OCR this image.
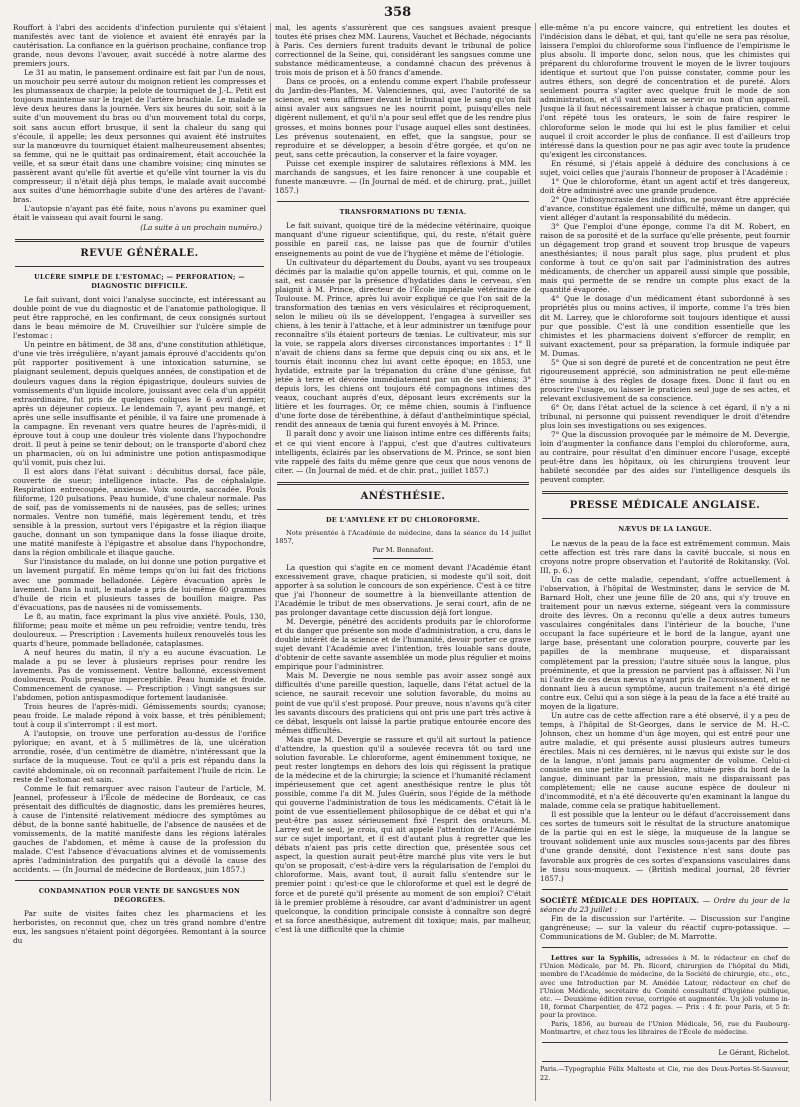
358

Rouffort à l'abri des accidents d'infection purulente qui s'étaient manifestés avec tant de violence et avaient été enrayés par la cautérisation. La confiance en la guérison prochaine, confiance trop grande, nous devons l'avouer, avait succédé à notre alarme des premiers jours.

Le 31 au matin, le pansement ordinaire est fait par l'un de nous, un mouchoir peu serré autour du moignon retient les compresses et les plumasseaux de charpie; la pelote de tourniquet de J.-L. Petit est toujours maintenue sur le trajet de l'artère brachiale. Le malade se lève deux heures dans la journée. Vers six heures du soir, soit à la suite d'un mouvement du bras ou d'un mouvement total du corps, soit sans aucun effort brusque, il sent la chaleur du sang qui s'écoule, il appelle; les deux personnes qui avaient été instruites sur la manœuvre du tourniquet étaient malheureusement absentes; sa femme, qui ne le quittait pas ordinairement, était accouchée la veille, et sa sœur était dans une chambre voisine; cinq minutes se passèrent avant qu'elle fût avertie et qu'elle vînt tourner la vis du compresseur; il n'était déjà plus temps, le malade avait succombé aux suites d'une hémorrhagie subite d'une des artères de l'avant-bras.

L'autopsie n'ayant pas été faite, nous n'avons pu examiner quel était le vaisseau qui avait fourni le sang.

(La suite à un prochain numéro.)
REVUE GÉNÉRALE.
ULCÈRE SIMPLE DE L'ESTOMAC; — PERFORATION; — DIAGNOSTIC DIFFICILE.

Le fait suivant, dont voici l'analyse succincte, est intéressant au double point de vue du diagnostic et de l'anatomie pathologique. Il peut être rapproché, en les confirmant, de ceux consignés surtout dans le beau mémoire de M. Cruveilhier sur l'ulcère simple de l'estomac :

Un peintre en bâtiment, de 38 ans, d'une constitution athlétique, d'une vie très irrégulière, n'ayant jamais éprouvé d'accidents qu'on pût rapporter positivement à une intoxication saturnine, se plaignant seulement, depuis quelques années, de constipation et de douleurs vagues dans la région épigastrique, douleurs suivies de vomissements d'un liquide incolore, jouissant avec cela d'un appétit extraordinaire, fut pris de quelques coliques le 6 avril dernier, après un déjeuner copieux. Le lendemain 7, ayant peu mangé, et après une selle insuffisante et pénible, il va faire une promenade à la campagne. En revenant vers quatre heures de l'après-midi, il éprouve tout à coup une douleur très violente dans l'hypochondre droit. Il peut à peine se tenir debout; on le transporte d'abord chez un pharmacien, où on lui administre une potion antispasmodique qu'il vomit, puis chez lui.

Il est alors dans l'état suivant : décubitus dorsal, face pâle, couverte de sueur; intelligence intacte. Pas de céphalalgie. Respiration entrecoupée, anxieuse. Voix sourde, saccadée. Pouls filiforme, 120 pulsations. Peau humide, d'une chaleur normale. Pas de soif, pas de vomissements ni de nausées, pas de selles; urines normales. Ventre non tuméfié, mais légèrement tendu, et très sensible à la pression, surtout vers l'épigastre et la région iliaque gauche, donnant un son tympanique dans la fosse iliaque droite, une matité manifeste à l'épigastre et absolue dans l'hypochondre, dans la région ombilicale et iliaque gauche.

Sur l'insistance du malade, on lui donne une potion purgative et un lavement purgatif. En même temps qu'on lui fait des frictions avec une pommade belladonée. Légère évacuation après le lavement. Dans la nuit, le malade a pris de lui-même 60 grammes d'huile de ricin et plusieurs tasses de bouillon maigre. Pas d'évacuations, pas de nausées ni de vomissements.

Le 8, au matin, face exprimant la plus vive anxiété. Pouls, 130, filiforme; peau moite et même un peu refroidie; ventre tendu, très douloureux. — Prescription : Lavements huileux renouvelés tous les quarts d'heure, pommade belladonée, cataplasmes.

A neuf heures du matin, il n'y a eu aucune évacuation. Le malade a pu se lever à plusieurs reprises pour rendre les lavements. Pas de vomissement. Ventre ballonné, excessivement douloureux. Pouls presque imperceptible. Peau humide et froide. Commencement de cyanose. — Prescription : Vingt sangsues sur l'abdomen, potion antispasmodique fortement laudanisée.

Trois heures de l'après-midi. Gémissements sourds; cyanose; peau froide. Le malade répond à voix basse, et très péniblement; tout à coup il s'interrompt : il est mort.

A l'autopsie, on trouve une perforation au-dessus de l'orifice pylorique; en avant, et à 5 millimètres de là, une ulcération arrondie, rosée, d'un centimètre de diamètre, n'intéressant que la surface de la muqueuse. Tout ce qu'il a pris est répandu dans la cavité abdominale, où on reconnaît parfaitement l'huile de ricin. Le reste de l'estomac est sain.

Comme le fait remarquer avec raison l'auteur de l'article, M. Jeannel, professeur à l'École de médecine de Bordeaux, ce cas présentait des difficultés de diagnostic, dans les premières heures, à cause de l'intensité relativement médiocre des symptômes au début, de la bonne santé habituelle, de l'absence de nausées et de vomissements, de la matité manifeste dans les régions latérales gauches de l'abdomen, et même à cause de la profession du malade. C'est l'absence d'évacuations alvines et de vomissements après l'administration des purgatifs qui a dévoilé la cause des accidents. — (In Journal de médecine de Bordeaux, juin 1857.)

CONDAMNATION POUR VENTE DE SANGSUES NON DÉGORGÉES.

Par suite de visites faites chez les pharmaciens et les herboristes, on reconnut que, chez un très grand nombre d'entre eux, les sangsues n'étaient point dégorgées. Remontant à la source du

mal, les agents s'assurèrent que ces sangsues avaient presque toutes été prises chez MM. Laurens, Vauchet et Béchade, négociants à Paris. Ces derniers furent traduits devant le tribunal de police correctionnel de la Seine, qui, considérant les sangsues comme une substance médicamenteuse, a condamné chacun des prévenus à trois mois de prison et à 50 francs d'amende.

Dans ce procès, on a entendu comme expert l'habile professeur du Jardin-des-Plantes, M. Valenciennes, qui, avec l'autorité de sa science, est venu affirmer devant le tribunal que le sang qu'on fait ainsi avaler aux sangsues ne les nourrit point, puisqu'elles nele digèrent nullement, et qu'il n'a pour seul effet que de les rendre plus grosses, et moins bonnes pour l'usage auquel elles sont destinées. Les prévenus soutenaient, en effet, que la sangsue, pour se reproduire et se développer, a besoin d'être gorgée, et qu'on ne peut, sans cette précaution, la conserver et la faire voyager.

Puisse cet exemple inspirer de salutaires réflexions à MM. les marchands de sangsues, et les faire renoncer à une coupable et funeste manœuvre. — (In Journal de méd. et de chirurg. prat., juillet 1857.)

TRANSFORMATIONS DU TÆNIA.

Le fait suivant, quoique tiré de la médecine vétérinaire, quoique manquant d'une rigueur scientifique, qui, du reste, n'était guère possible en pareil cas, ne laisse pas que de fournir d'utiles enseignements au point de vue de l'hygiène et même de l'étiologie.

Un cultivateur du département du Doubs, ayant vu ses troupeaux décimés par la maladie qu'on appelle tournis, et qui, comme on le sait, est causée par la présence d'hydatides dans le cerveau, s'en plaignit à M. Prince, directeur de l'École impériale vétérinaire de Toulouse. M. Prince, après lui avoir expliqué ce que l'on sait de la transformation des tænias en vers vésiculaires et réciproquement, selon le milieu où ils se développent, l'engagea à surveiller ses chiens, à les tenir à l'attache, et à leur administrer un tænifuge pour reconnaître s'ils étaient porteurs de tænias. Le cultivateur, mis sur la voie, se rappela alors diverses circonstances importantes : 1° Il n'avait de chiens dans sa ferme que depuis cinq ou six ans, et le tournis était inconnu chez lui avant cette époque; en 1853, une hydatide, extraite par la trépanation du crâne d'une génisse, fut jetée à terre et dévorée immédiatement par un de ses chiens; 3° depuis lors, les chiens ont toujours été compagnons intimes des veaux, couchant auprès d'eux, déposant leurs excréments sur la litière et les fourrages. Or, ce même chien, soumis à l'influence d'une forte dose de térébenthine, à défaut d'anthelmintique spécial, rendit des anneaux de tænia qui furent envoyés à M. Prince.

Il paraît donc y avoir une liaison intime entre ces différents faits; et ce qui vient encore à l'appui, c'est que d'autres cultivateurs intelligents, éclairés par les observations de M. Prince, se sont bien vite rappelé des faits du même genre que ceux que nous venons de citer. — (In Journal de méd. et de chir. prat., juillet 1857.)

ANÉSTHÉSIE.
DE L'AMYLÈNE ET DU CHLOROFORME.

Note présentée à l'Académie de médecine, dans la séance du 14 juillet 1857,

Par M. Bonnafont.

La question qui s'agite en ce moment devant l'Académie étant excessivement grave, chaque praticien, si modeste qu'il soit, doit apporter à sa solution le concours de son expérience. C'est à ce titre que j'ai l'honneur de soumettre à la bienveillante attention de l'Académie le tribut de mes observations. Je serai court, afin de ne pas prolonger davantage cette discussion déjà fort longue.

M. Devergie, pénétré des accidents produits par le chloroforme et du danger que présente son mode d'administration, a cru, dans le double intérêt de la science et de l'humanité, devoir porter ce grave sujet devant l'Académie avec l'intention, très louable sans doute, d'obtenir de cette savante assemblée un mode plus régulier et moins empirique pour l'administrer.

Mais M. Devergie ne nous semble pas avoir assez songé aux difficultés d'une pareille question, laquelle, dans l'état actuel de la science, ne saurait recevoir une solution favorable, du moins au point de vue qu'il s'est proposé. Pour preuve, nous n'avons qu'à citer les savants discours des praticiens qui ont pris une part très active à ce débat, lesquels ont laissé la partie pratique entourée encore des mêmes difficultés.

Mais que M. Devergie se rassure et qu'il ait surtout la patience d'attendre, la question qu'il a soulevée recevra tôt ou tard une solution favorable. Le chloroforme, agent éminemment toxique, ne peut rester longtemps en dehors des lois qui régissent la pratique de la médecine et de la chirurgie; la science et l'humanité réclament impérieusement que cet agent anesthésique rentre le plus tôt possible, comme l'a dit M. Jules Guérin, sous l'égide de la méthode qui gouverne l'administration de tous les médicaments. C'était là le point de vue essentiellement philosophique de ce débat et qui n'a peut-être pas assez sérieusement fixé l'esprit des orateurs. M. Larrey est le seul, je crois, qui ait appelé l'attention de l'Académie sur ce sujet important, et il est d'autant plus à regretter que les débats n'aient pas pris cette direction que, présentée sous cet aspect, la question aurait peut-être marché plus vite vers le but qu'on se proposait, c'est-à-dire vers la régularisation de l'emploi du chloroforme. Mais, avant tout, il aurait fallu s'entendre sur le premier point : qu'est-ce que le chloroforme et quel est le degré de force et de pureté qu'il présente au moment de son emploi? C'était là le premier problème à résoudre, car avant d'administrer un agent quelconque, la condition principale consiste à connaître son degré et sa force anesthésique, autrement dit toxique; mais, par malheur, c'est là une difficulté que la chimie

elle-même n'a pu encore vaincre, qui entretient les doutes et l'indécision dans le débat, et qui, tant qu'elle ne sera pas résolue, laissera l'emploi du chloroforme sous l'influence de l'empirisme le plus absolu. Il importe donc, selon nous, que les chimistes qui préparent du chloroforme trouvent le moyen de le livrer toujours identique et surtout que l'on puisse constater, comme pour les autres éthers, son degré de concentration et de pureté. Alors seulement pourra s'agiter avec quelque fruit le mode de son administration, et s'il vaut mieux se servir ou non d'un appareil. Jusque là il faut nécessairement laisser à chaque praticien, comme l'ont répété tous les orateurs, le soin de faire respirer le chloroforme selon le mode qui lui est le plus familier et celui auquel il croit accorder le plus de confiance. Il est d'ailleurs trop intéressé dans la question pour ne pas agir avec toute la prudence qu'exigent les circonstances.

En résumé, si j'étais appelé à déduire des conclusions à ce sujet, voici celles que j'aurais l'honneur de proposer à l'Académie :

1° Que le chloroforme, étant un agent actif et très dangereux, doit être administré avec une grande prudence.

2° Que l'idiosyncrasie des individus, ne pouvant être appréciée d'avance, constitue également une difficulté, même un danger, qui vient alléger d'autant la responsabilité du médecin.

3° Que l'emploi d'une éponge, comme l'a dit M. Robert, en raison de sa porosité et de la surface qu'elle présente, peut fournir un dégagement trop grand et souvent trop brusque de vapeurs anesthésiantes; il nous paraît plus sage, plus prudent et plus conforme à tout ce qu'on sait par l'administration des autres médicaments, de chercher un appareil aussi simple que possible, mais qui permette de se rendre un compte plus exact de la quantité évaporée.

4° Que le dosage d'un médicament étant subordonné à ses propriétés plus ou moins actives, il importe, comme l'a très bien dit M. Larrey, que le chloroforme soit toujours identique et aussi pur que possible. C'est là une condition essentielle que les chimistes et les pharmaciens doivent s'efforcer de remplir, en suivant exactement, pour sa préparation, la formule indiquée par M. Dumas.

5° Que si son degré de pureté et de concentration ne peut être rigoureusement apprécié, son administration ne peut elle-même être soumise à des règles de dosage fixes. Donc il faut ou en proscrire l'usage, ou laisser le praticien seul juge de ses actes, et relevant exclusivement de sa conscience.

6° Or, dans l'état actuel de la science à cet égard, il n'y a ni tribunal, ni personne qui puissent revendiquer le droit d'étendre plus loin ses investigations ou ses exigences.

7° Que la discussion provoquée par le mémoire de M. Devergie, loin d'augmenter la confiance dans l'emploi du chloroforme, aura, au contraire, pour résultat d'en diminuer encore l'usage, excepté peut-être dans les hôpitaux, où les chirurgiens trouvent leur habileté secondée par des aides sur l'intelligence desquels ils peuvent compter.

PRESSE MÉDICALE ANGLAISE.
NÆVUS DE LA LANGUE.

Le nævus de la peau de la face est extrêmement commun. Mais cette affection est très rare dans la cavité buccale, si nous en croyons notre propre observation et l'autorité de Rokitansky. (Vol. III, p. 6.)

Un cas de cette maladie, cependant, s'offre actuellement à l'observation, à l'hôpital de Westminster, dans le service de M. Barnard Holt, chez une jeune fille de 20 ans, qui s'y trouve en traitement pour un nævus externe, siégeant vers la commissure droite des lèvres. On a reconnu qu'elle a deux autres tumeurs vasculaires congénitales dans l'intérieur de la bouche, l'une occupant la face supérieure et le bord de la langue, ayant une large base, présentant une coloration pourpre, couverte par les papilles de la membrane muqueuse, et disparaissant complètement par la pression; l'autre située sous la langue, plus proéminente, et que la pression ne parvient pas à affaisser. Ni l'un ni l'autre de ces deux nævus n'ayant pris de l'accroissement, et ne donnant lieu à aucun symptôme, aucun traitement n'a été dirigé contre eux. Celui qui a son siège à la peau de la face a été traité au moyen de la ligature.

Un autre cas de cette affection rare a été observé, il y a peu de temps, à l'hôpital de St-Georges, dans le service de M. H.-C. Johnson, chez un homme d'un âge moyen, qui est entré pour une autre maladie, et qui présente aussi plusieurs autres tumeurs érectiles. Mais ni ces dernières, ni le nævus qui existe sur le dos de la langue, n'ont jamais paru augmenter de volume. Celui-ci consiste en une petite tumeur bleuâtre, située près du bord de la langue, diminuant par la pression, mais ne disparaissant pas complètement; elle ne cause aucune espèce de douleur ni d'incommodité, et n'a été découverte qu'en examinant la langue du malade, comme cela se pratique habituellement.

Il est possible que la lenteur ou le défaut d'accroissement dans ces sortes de tumeurs soit le résultat de la structure anatomique de la partie qui en est le siège, la muqueuse de la langue se trouvant solidement unie aux muscles sous-jacents par des fibres d'une grande densité, dont l'existence n'est sans doute pas favorable aux progrès de ces sortes d'expansions vasculaires dans le tissu sous-muqueux. — (British medical journal, 28 février 1857.)

SOCIÉTÉ MÉDICALE DES HOPITAUX. — Ordre du jour de la séance du 23 juillet :

Fin de la discussion sur l'artérite. — Discussion sur l'angine gangréneuse; — sur la valeur du réactif cupro-potassique. — Communications de M. Gubler; de M. Marrotte.

Lettres sur la Syphilis, adressées à M. le rédacteur en chef de l'Union Médicale, par M. Ph. Ricord, chirurgien de l'hôpital du Midi, membre de l'Académie de médecine, de la Société de chirurgie, etc., etc., avec une Introduction par M. Amédée Latour, rédacteur en chef de l'Union Médicale, secrétaire du Comité consultatif d'hygiène publique, etc. — Deuxième édition revue, corrigée et augmentée. Un joli volume in-18, format Charpentier, de 472 pages. — Prix : 4 fr. pour Paris, et 5 fr. pour la province.

Paris, 1856, au bureau de l'Union Médicale, 56, rue du Faubourg-Montmartre, et chez tous les libraires de l'École de médecine.

Le Gérant, Richelot.
Paris.—Typographie Félix Malteste et Cie, rue des Deux-Portes-St-Sauveur, 22.
